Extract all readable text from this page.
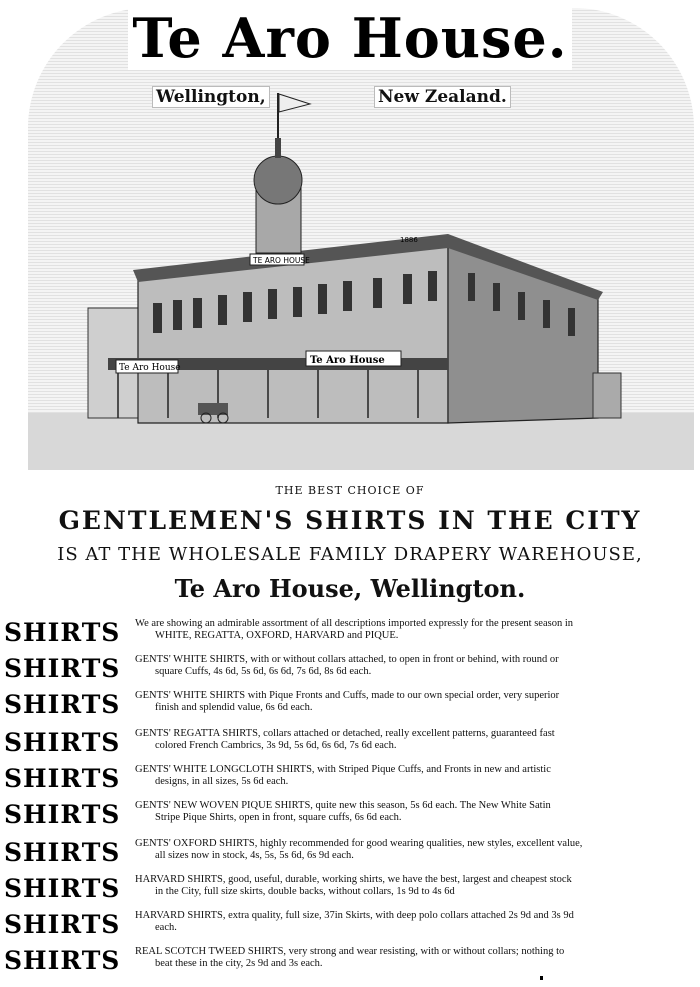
Te Aro House
Te Aro House
TE ARO HOUSE
1886
Te Aro House.
Wellington,	New Zealand.
THE BEST CHOICE OF
GENTLEMEN'S SHIRTS IN THE CITY
IS AT THE WHOLESALE FAMILY DRAPERY WAREHOUSE,
Te Aro House, Wellington.
SHIRTS	We are showing an admirable assortment of all descriptions imported expressly for the present season in
WHITE, REGATTA, OXFORD, HARVARD and PIQUE.
SHIRTS	GENTS' WHITE SHIRTS, with or without collars attached, to open in front or behind, with round or
square Cuffs, 4s 6d, 5s 6d, 6s 6d, 7s 6d, 8s 6d each.
SHIRTS	GENTS' WHITE SHIRTS with Pique Fronts and Cuffs, made to our own special order, very superior
finish and splendid value, 6s 6d each.
SHIRTS	GENTS' REGATTA SHIRTS, collars attached or detached, really excellent patterns, guaranteed fast
colored French Cambrics, 3s 9d, 5s 6d, 6s 6d, 7s 6d each.
SHIRTS	GENTS' WHITE LONGCLOTH SHIRTS, with Striped Pique Cuffs, and Fronts in new and artistic
designs, in all sizes, 5s 6d each.
SHIRTS	GENTS' NEW WOVEN PIQUE SHIRTS, quite new this season, 5s 6d each. The New White Satin
Stripe Pique Shirts, open in front, square cuffs, 6s 6d each.
SHIRTS	GENTS' OXFORD SHIRTS, highly recommended for good wearing qualities, new styles, excellent value,
all sizes now in stock, 4s, 5s, 5s 6d, 6s 9d each.
SHIRTS	HARVARD SHIRTS, good, useful, durable, working shirts, we have the best, largest and cheapest stock
in the City, full size skirts, double backs, without collars, 1s 9d to 4s 6d
SHIRTS	HARVARD SHIRTS, extra quality, full size, 37in Skirts, with deep polo collars attached 2s 9d and 3s 9d
each.
SHIRTS	REAL SCOTCH TWEED SHIRTS, very strong and wear resisting, with or without collars; nothing to
beat these in the city, 2s 9d and 3s each.
